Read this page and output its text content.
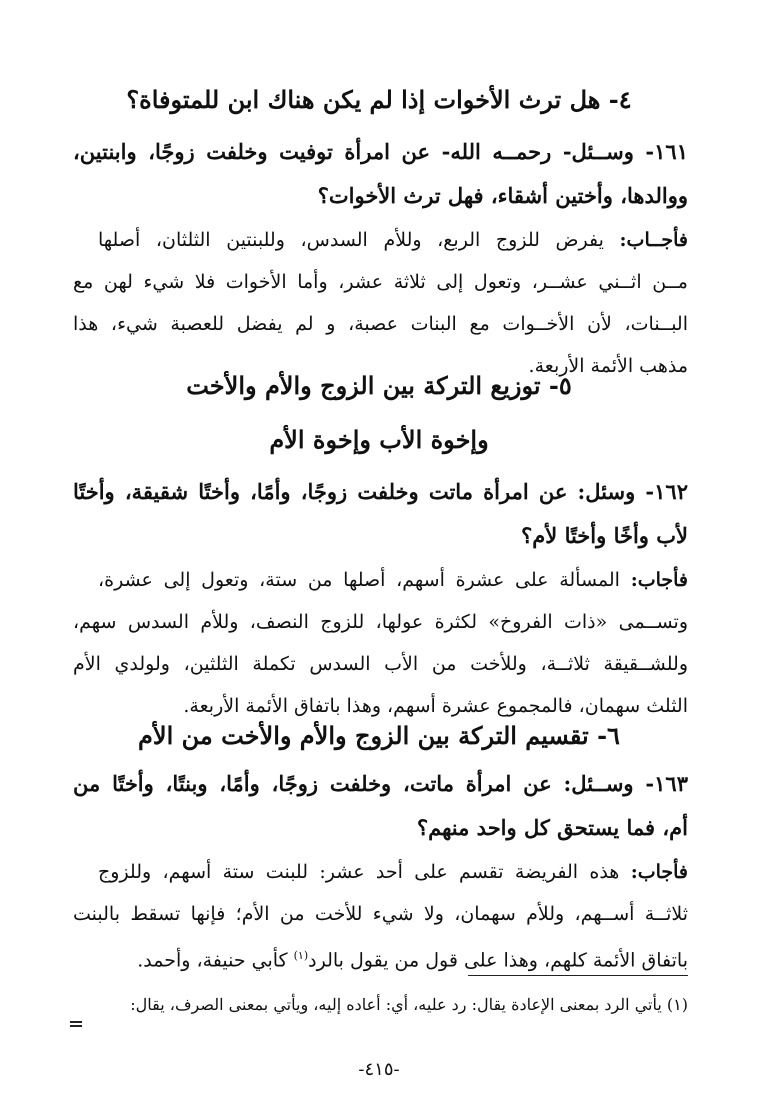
٤- هل ترث الأخوات إذا لم يكن هناك ابن للمتوفاة؟
١٦١- وســئل- رحمــه الله- عن امرأة توفيت وخلفت زوجًا، وابنتين،
ووالدها، وأختين أشقاء، فهل ترث الأخوات؟
فأجــاب: يفرض للزوج الربع، وللأم السدس، وللبنتين الثلثان، أصلها
مــن اثــني عشــر، وتعول إلى ثلاثة عشر، وأما الأخوات فلا شيء لهن مع
البــنات، لأن الأخــوات مع البنات عصبة، و لم يفضل للعصبة شيء، هذا
مذهب الأئمة الأربعة.
٥- توزيع التركة بين الزوج والأم والأخت
وإخوة الأب وإخوة الأم
١٦٢- وسئل: عن امرأة ماتت وخلفت زوجًا، وأمًا، وأختًا شقيقة، وأختًا
لأب وأخًا وأختًا لأم؟
فأجاب: المسألة على عشرة أسهم، أصلها من ستة، وتعول إلى عشرة،
وتســمى «ذات الفروخ» لكثرة عولها، للزوج النصف، وللأم السدس سهم،
وللشــقيقة ثلاثــة، وللأخت من الأب السدس تكملة الثلثين، ولولدي الأم
الثلث سهمان، فالمجموع عشرة أسهم، وهذا باتفاق الأئمة الأربعة.
٦- تقسيم التركة بين الزوج والأم والأخت من الأم
١٦٣- وســئل: عن امرأة ماتت، وخلفت زوجًا، وأمًا، وبنتًا، وأختًا من
أم، فما يستحق كل واحد منهم؟
فأجاب: هذه الفريضة تقسم على أحد عشر: للبنت ستة أسهم، وللزوج
ثلاثــة أســهم، وللأم سهمان، ولا شيء للأخت من الأم؛ فإنها تسقط بالبنت
باتفاق الأئمة كلهم، وهذا على قول من يقول بالرد$^{(١)}$ كأبي حنيفة، وأحمد.
(١) يأتي الرد بمعنى الإعادة يقال: رد عليه، أي: أعاده إليه، ويأتي بمعنى الصرف، يقال:
-٤١٥-
